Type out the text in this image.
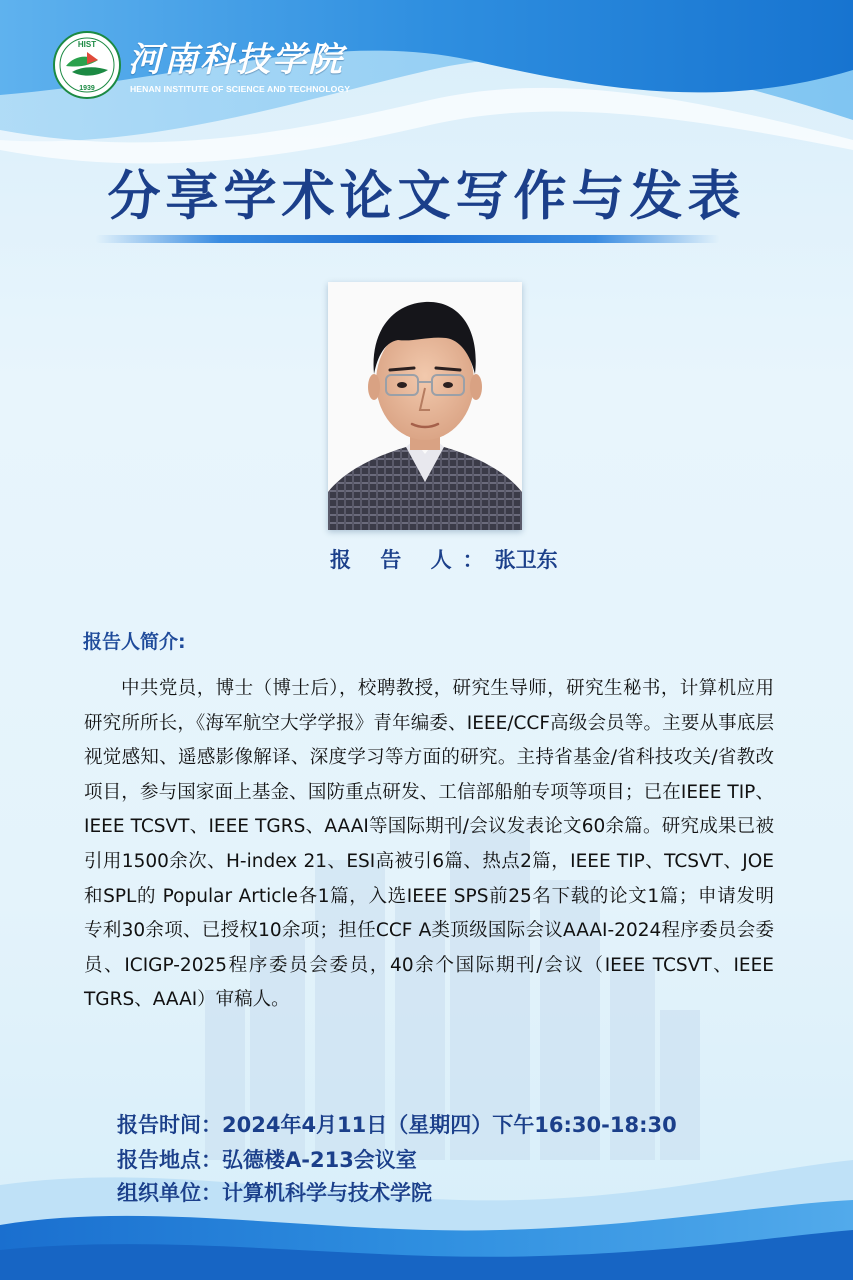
HIST
1939
河南科技学院
HENAN INSTITUTE OF SCIENCE AND TECHNOLOGY
分享学术论文写作与发表
报 告 人：张卫东
报告人简介:
中共党员，博士（博士后），校聘教授，研究生导师，研究生秘书，计算机应用研究所所长，《海军航空大学学报》青年编委、IEEE/CCF高级会员等。主要从事底层视觉感知、遥感影像解译、深度学习等方面的研究。主持省基金/省科技攻关/省教改项目，参与国家面上基金、国防重点研发、工信部船舶专项等项目；已在IEEE TIP、IEEE TCSVT、IEEE TGRS、AAAI等国际期刊/会议发表论文60余篇。研究成果已被引用1500余次、H-index 21、ESI高被引6篇、热点2篇，IEEE TIP、TCSVT、JOE和SPL的 Popular Article各1篇，入选IEEE SPS前25名下载的论文1篇；申请发明专利30余项、已授权10余项；担任CCF A类顶级国际会议AAAI-2024程序委员会委员、ICIGP-2025程序委员会委员，40余个国际期刊/会议（IEEE TCSVT、IEEE TGRS、AAAI）审稿人。
报告时间：2024年4月11日（星期四）下午16:30-18:30
报告地点：弘德楼A-213会议室
组织单位：计算机科学与技术学院
